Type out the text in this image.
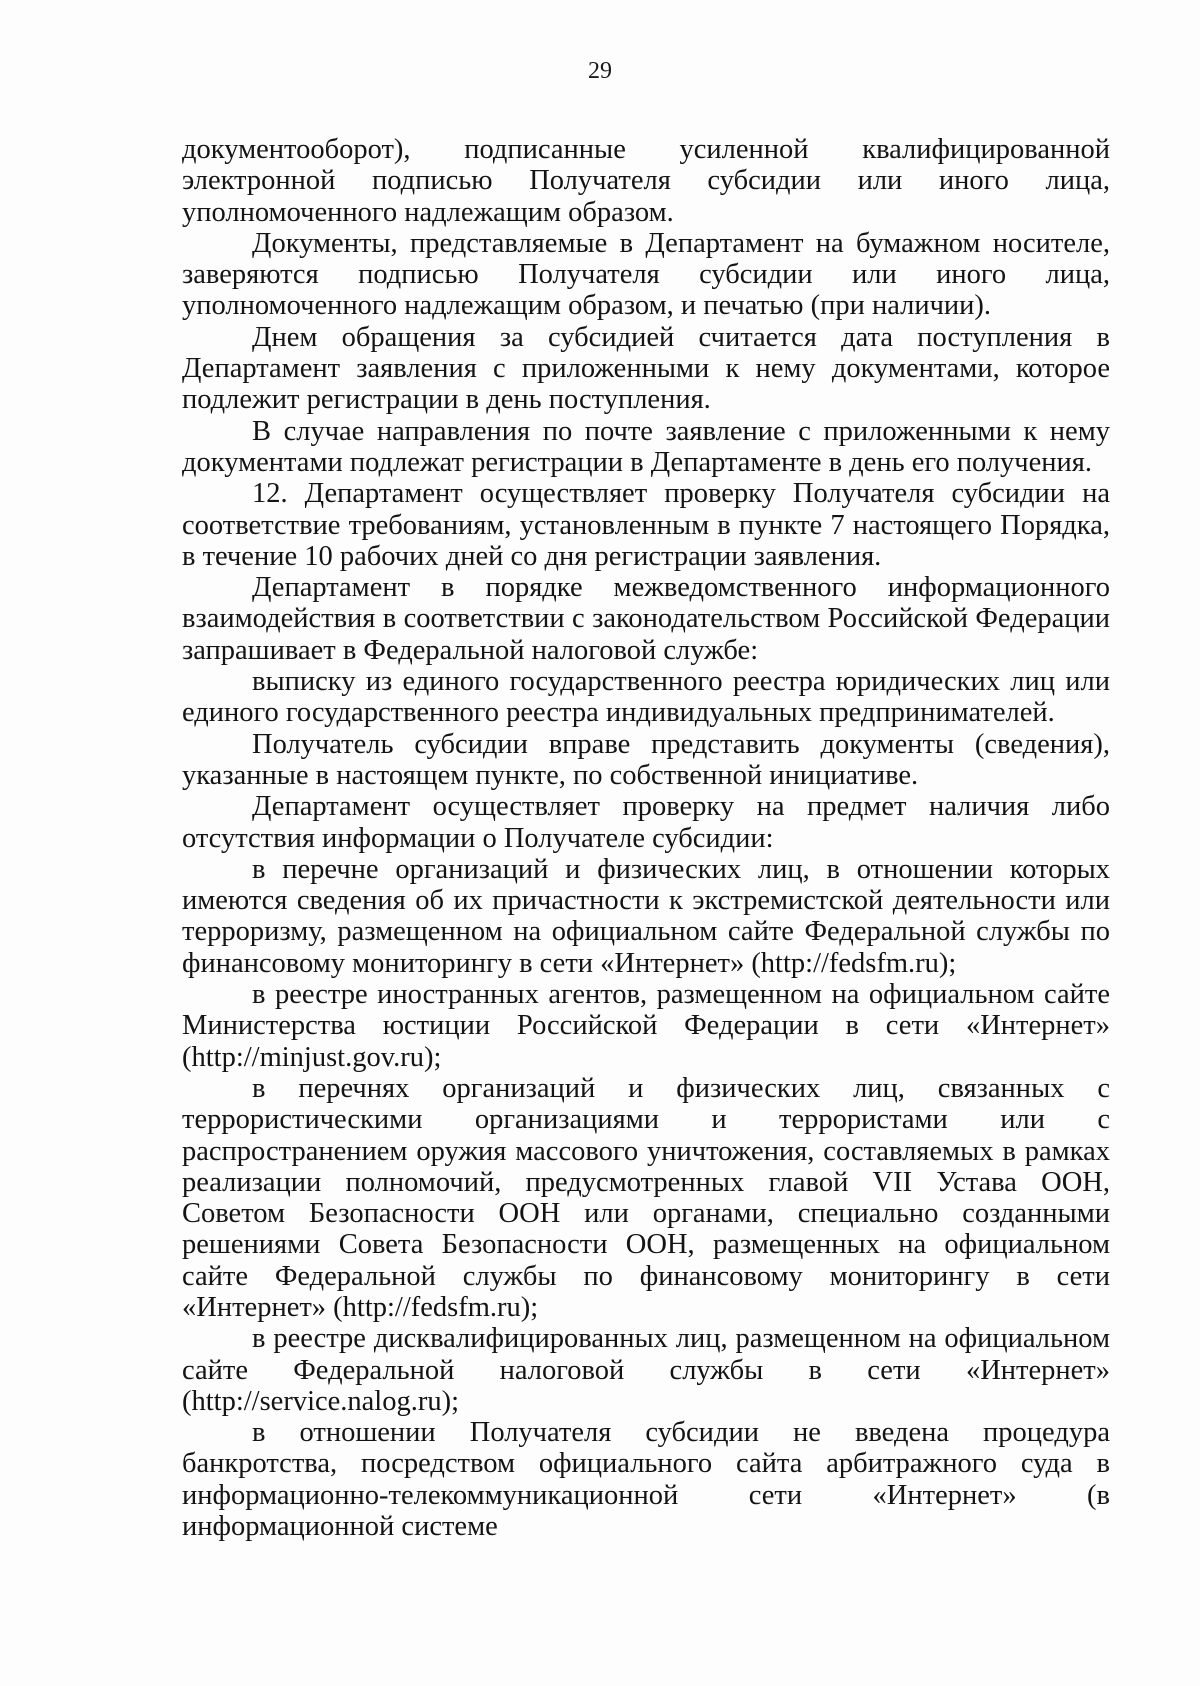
29

документооборот), подписанные усиленной квалифицированной электронной подписью Получателя субсидии или иного лица, уполномоченного надлежащим образом.

Документы, представляемые в Департамент на бумажном носителе, заверяются подписью Получателя субсидии или иного лица, уполномоченного надлежащим образом, и печатью (при наличии).

Днем обращения за субсидией считается дата поступления в Департамент заявления с приложенными к нему документами, которое подлежит регистрации в день поступления.

В случае направления по почте заявление с приложенными к нему документами подлежат регистрации в Департаменте в день его получения.

12. Департамент осуществляет проверку Получателя субсидии на соответствие требованиям, установленным в пункте 7 настоящего Порядка, в течение 10 рабочих дней со дня регистрации заявления.

Департамент в порядке межведомственного информационного взаимодействия в соответствии с законодательством Российской Федерации запрашивает в Федеральной налоговой службе:

выписку из единого государственного реестра юридических лиц или единого государственного реестра индивидуальных предпринимателей.

Получатель субсидии вправе представить документы (сведения), указанные в настоящем пункте, по собственной инициативе.

Департамент осуществляет проверку на предмет наличия либо отсутствия информации о Получателе субсидии:

в перечне организаций и физических лиц, в отношении которых имеются сведения об их причастности к экстремистской деятельности или терроризму, размещенном на официальном сайте Федеральной службы по финансовому мониторингу в сети «Интернет» (http://fedsfm.ru);

в реестре иностранных агентов, размещенном на официальном сайте Министерства юстиции Российской Федерации в сети «Интернет» (http://minjust.gov.ru);

в перечнях организаций и физических лиц, связанных с террористическими организациями и террористами или с распространением оружия массового уничтожения, составляемых в рамках реализации полномочий, предусмотренных главой VII Устава ООН, Советом Безопасности ООН или органами, специально созданными решениями Совета Безопасности ООН, размещенных на официальном сайте Федеральной службы по финансовому мониторингу в сети «Интернет» (http://fedsfm.ru);

в реестре дисквалифицированных лиц, размещенном на официальном сайте Федеральной налоговой службы в сети «Интернет» (http://service.nalog.ru);

в отношении Получателя субсидии не введена процедура банкротства, посредством официального сайта арбитражного суда в информационно-телекоммуникационной сети «Интернет» (в информационной системе
